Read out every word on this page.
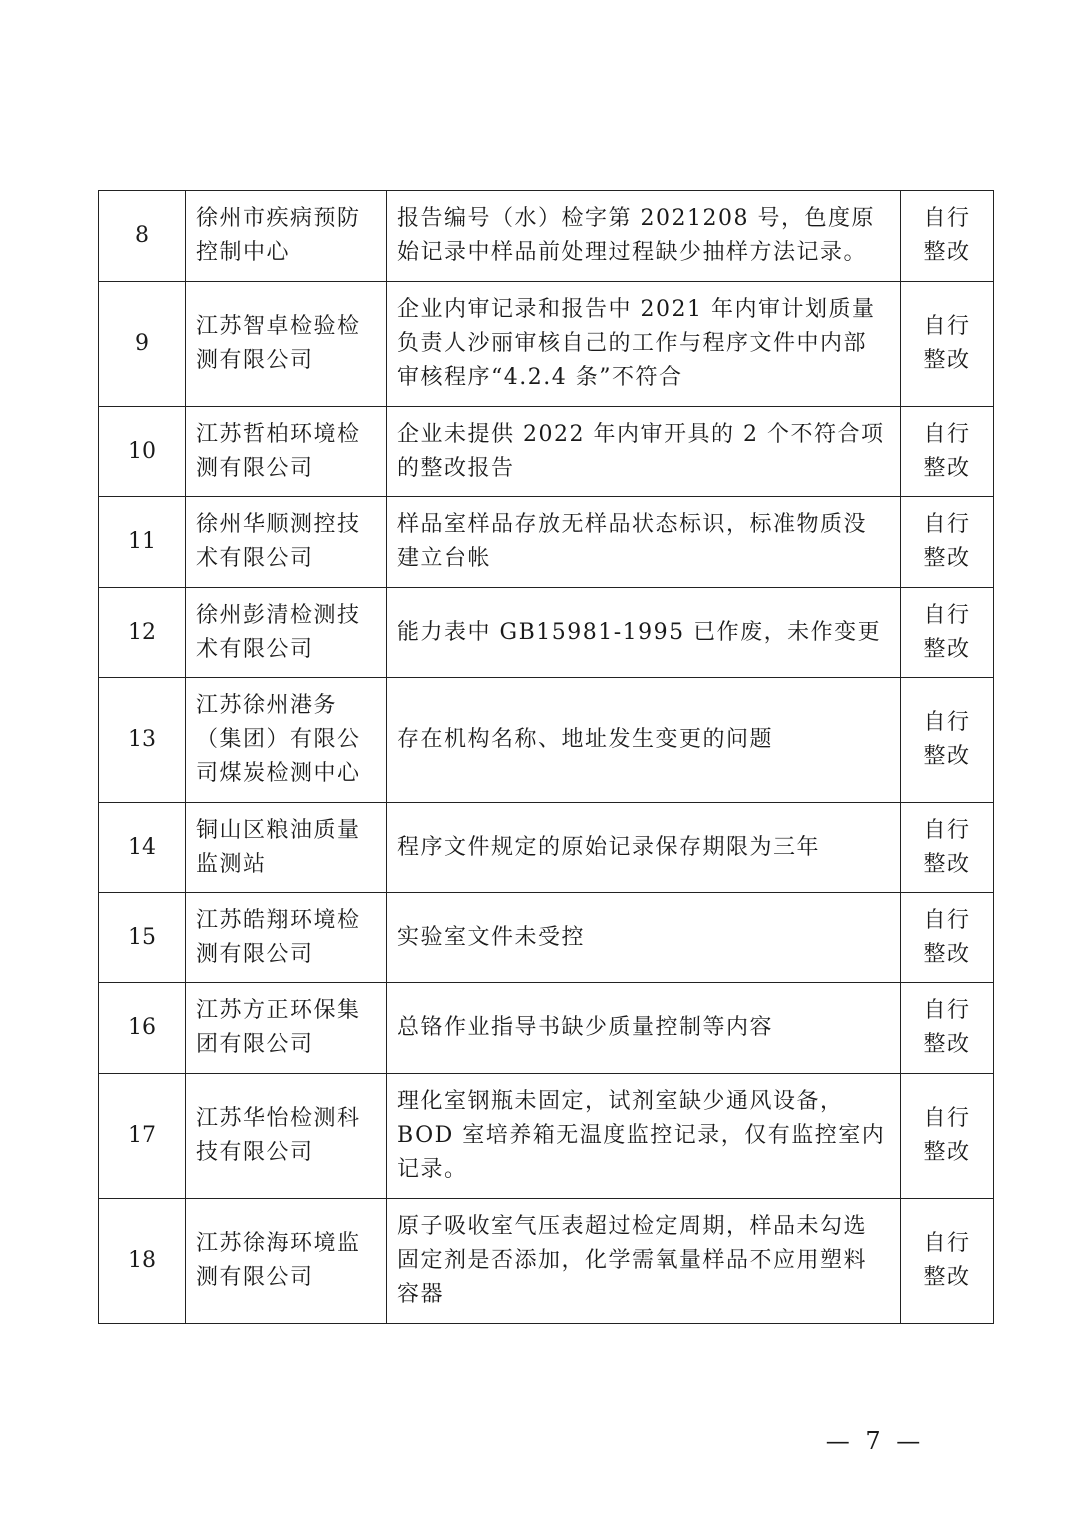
8	徐州市疾病预防控制中心	报告编号（水）检字第 2021208 号，色度原始记录中样品前处理过程缺少抽样方法记录。	自行
整改

9	江苏智卓检验检测有限公司	企业内审记录和报告中 2021 年内审计划质量负责人沙丽审核自己的工作与程序文件中内部审核程序“4.2.4 条”不符合	自行
整改

10	江苏哲柏环境检测有限公司	企业未提供 2022 年内审开具的 2 个不符合项的整改报告	自行
整改

11	徐州华顺测控技术有限公司	样品室样品存放无样品状态标识，标准物质没建立台帐	自行
整改

12	徐州彭清检测技术有限公司	能力表中 GB15981-1995 已作废，未作变更	自行
整改

13	江苏徐州港务（集团）有限公司煤炭检测中心	存在机构名称、地址发生变更的问题	自行
整改

14	铜山区粮油质量监测站	程序文件规定的原始记录保存期限为三年	自行
整改

15	江苏皓翔环境检测有限公司	实验室文件未受控	自行
整改

16	江苏方正环保集团有限公司	总铬作业指导书缺少质量控制等内容	自行
整改

17	江苏华怡检测科技有限公司	理化室钢瓶未固定，试剂室缺少通风设备，BOD 室培养箱无温度监控记录，仅有监控室内记录。	自行
整改

18	江苏徐海环境监测有限公司	原子吸收室气压表超过检定周期，样品未勾选固定剂是否添加，化学需氧量样品不应用塑料容器	自行
整改
— 7 —
